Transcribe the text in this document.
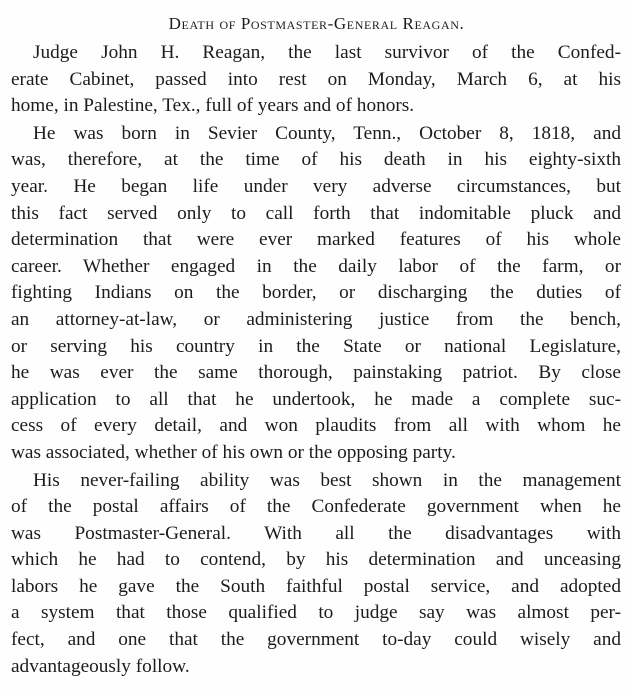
Death of Postmaster-General Reagan.
Judge John H. Reagan, the last survivor of the Confed-
erate Cabinet, passed into rest on Monday, March 6, at his
home, in Palestine, Tex., full of years and of honors.
He was born in Sevier County, Tenn., October 8, 1818, and
was, therefore, at the time of his death in his eighty-sixth
year. He began life under very adverse circumstances, but
this fact served only to call forth that indomitable pluck and
determination that were ever marked features of his whole
career. Whether engaged in the daily labor of the farm, or
fighting Indians on the border, or discharging the duties of
an attorney-at-law, or administering justice from the bench,
or serving his country in the State or national Legislature,
he was ever the same thorough, painstaking patriot. By close
application to all that he undertook, he made a complete suc-
cess of every detail, and won plaudits from all with whom he
was associated, whether of his own or the opposing party.
His never-failing ability was best shown in the management
of the postal affairs of the Confederate government when he
was Postmaster-General. With all the disadvantages with
which he had to contend, by his determination and unceasing
labors he gave the South faithful postal service, and adopted
a system that those qualified to judge say was almost per-
fect, and one that the government to-day could wisely and
advantageously follow.
